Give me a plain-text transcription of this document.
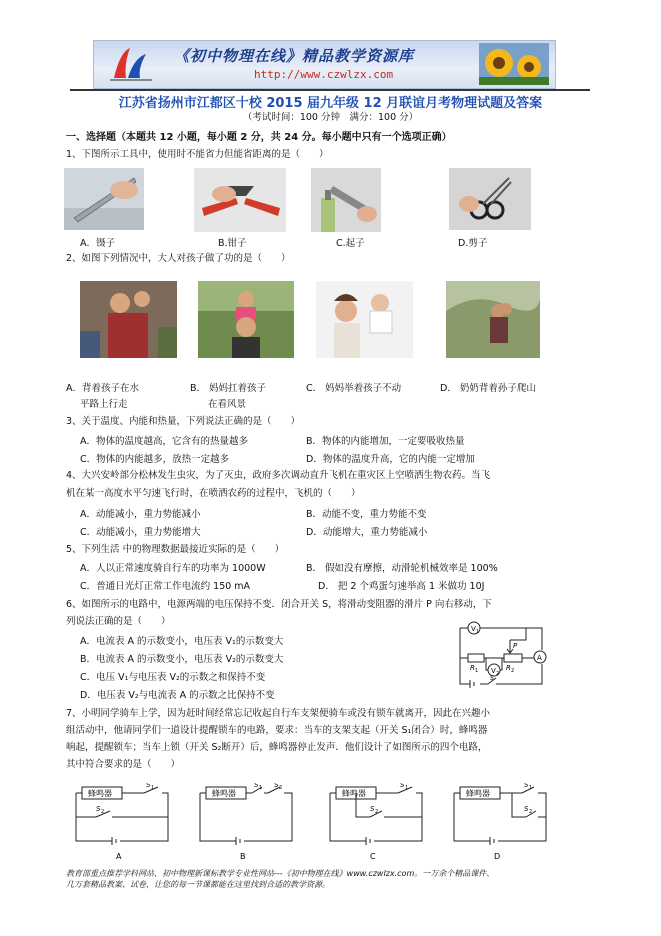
《初中物理在线》精品教学资源库
http://www.czwlzx.com
江苏省扬州市江都区十校 2015 届九年级 12 月联谊月考物理试题及答案
（考试时间：100 分钟　满分：100 分）
一、选择题（本题共 12 小题，每小题 2 分，共 24 分。每小题中只有一个选项正确）
1、下图所示工具中，使用时不能省力但能省距离的是（　　）
A．镊子	B.钳子	C.起子	D.剪子
2、如图下列情况中，大人对孩子做了功的是（　　）
A．背着孩子在水
平路上行走
B． 妈妈扛着孩子
在看风景
C． 妈妈举着孩子不动	D． 奶奶背着孙子爬山
3、关于温度、内能和热量，下列说法正确的是（　　）
A．物体的温度越高，它含有的热量越多	B．物体的内能增加，一定要吸收热量
C．物体的内能越多，放热一定越多	D．物体的温度升高，它的内能一定增加
4、大兴安岭部分松林发生虫灾，为了灭虫，政府多次调动直升飞机在重灾区上空喷洒生物农药。当飞
机在某一高度水平匀速飞行时，在喷洒农药的过程中，飞机的（　　）
A．动能减小，重力势能减小	B．动能不变，重力势能不变
C．动能减小，重力势能增大	D．动能增大，重力势能减小
5、下列生活 中的物理数据最接近实际的是（　　）
A．人以正常速度骑自行车的功率为 1000W	B． 假如没有摩擦，动滑轮机械效率是 100%
C．普通日光灯正常工作电流约 150 mA	D． 把 2 个鸡蛋匀速举高 1 米做功 10J
6、如图所示的电路中，电源两端的电压保持不变．闭合开关 S，将滑动变阻器的滑片 P 向右移动，下
列说法正确的是（　　）
A．电流表 A 的示数变小，电压表 V₁的示数变大
B．电流表 A 的示数变小，电压表 V₂的示数变大
C．电压 V₁与电压表 V₂的示数之和保持不变
D．电压表 V₂与电流表 A 的示数之比保持不变
V 1
R 1 V 2
R 2
A
P
S
7、小明同学骑车上学，因为赶时间经常忘记收起自行车支架便骑车或没有锁车就离开，因此在兴趣小
组活动中，他请同学们一道设计提醒锁车的电路，要求：当车的支架支起（开关 S₁闭合）时，蜂鸣器
响起，提醒锁车；当车上锁（开关 S₂断开）后，蜂鸣器停止发声．他们设计了如图所示的四个电路，
其中符合要求的是（　　）
蜂鸣器
S 1
S 2
A
蜂鸣器
S 1 S 2
B
蜂鸣器
S 1
S 2
C
蜂鸣器
S 1
S 2
D
教育部重点推荐学科网站、初中物理新课标教学专业性网站---《初中物理在线》www.czwlzx.com。一万余个精品课件、
几万套精品教案、试卷，让您的每一节课都能在这里找到合适的教学资源。
